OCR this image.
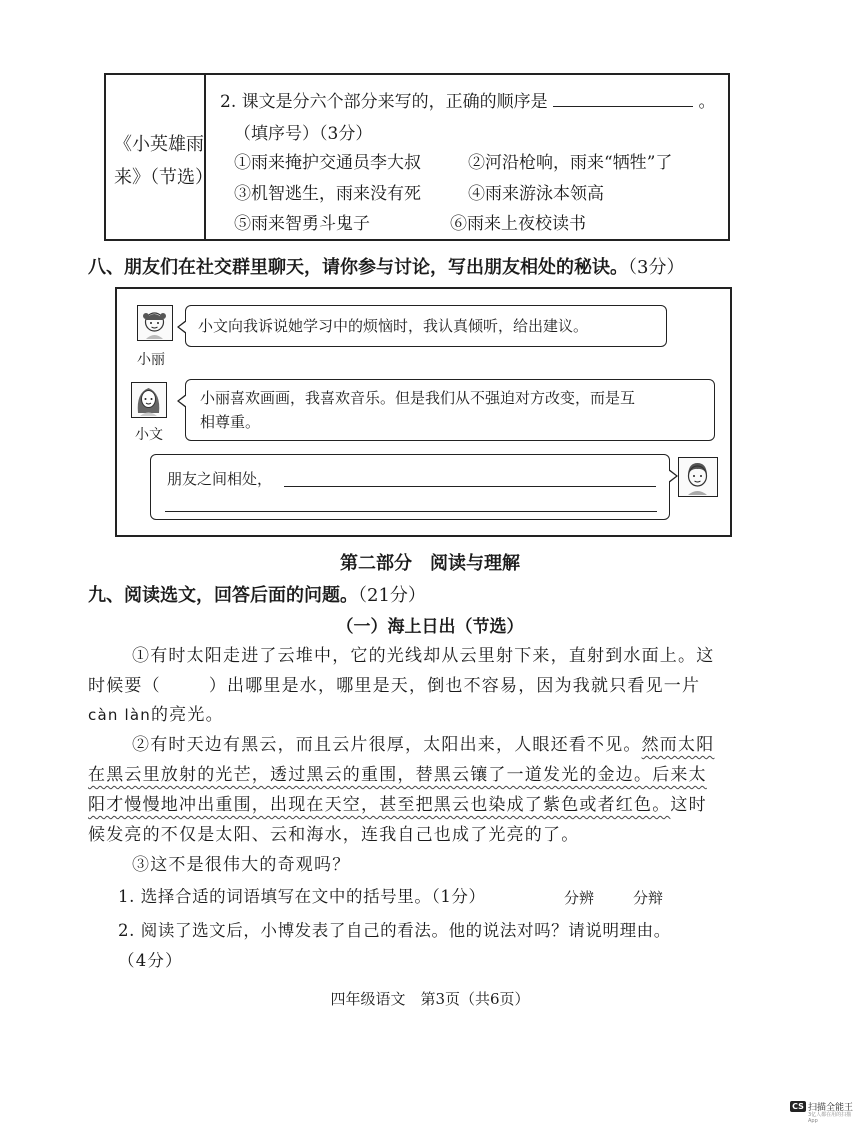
《小英雄雨
来》（节选）
2. 课文是分六个部分来写的，正确的顺序是	。
（填序号）（3分）
①雨来掩护交通员李大叔	②河沿枪响，雨来“牺牲”了
③机智逃生，雨来没有死	④雨来游泳本领高
⑤雨来智勇斗鬼子	⑥雨来上夜校读书
八、朋友们在社交群里聊天，请你参与讨论，写出朋友相处的秘诀。（3分）
小丽
小文向我诉说她学习中的烦恼时，我认真倾听，给出建议。
小文
小丽喜欢画画，我喜欢音乐。但是我们从不强迫对方改变，而是互
相尊重。
朋友之间相处，
第二部分　阅读与理解
九、阅读选文，回答后面的问题。（21分）
（一）海上日出（节选）
①有时太阳走进了云堆中，它的光线却从云里射下来，直射到水面上。这
时候要（	）出哪里是水，哪里是天，倒也不容易，因为我就只看见一片
càn làn的亮光。
②有时天边有黑云，而且云片很厚，太阳出来，人眼还看不见。然而太阳
在黑云里放射的光芒，透过黑云的重围，替黑云镶了一道发光的金边。后来太
阳才慢慢地冲出重围，出现在天空，甚至把黑云也染成了紫色或者红色。这时
候发亮的不仅是太阳、云和海水，连我自己也成了光亮的了。
③这不是很伟大的奇观吗？
1. 选择合适的词语填写在文中的括号里。（1分）	分辨	分辩
2. 阅读了选文后，小博发表了自己的看法。他的说法对吗？请说明理由。
（4分）
四年级语文　第3页（共6页）
CS 扫描全能王
3亿人都在用的扫描App
